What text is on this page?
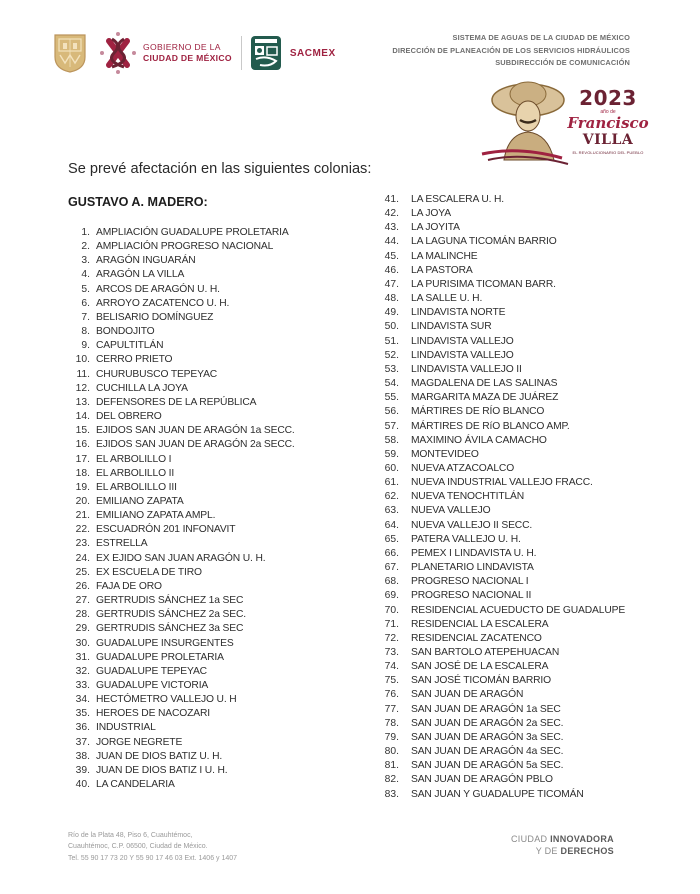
GOBIERNO DE LA
CIUDAD DE MÉXICO	SACMEX
SISTEMA DE AGUAS DE LA CIUDAD DE MÉXICO
DIRECCIÓN DE PLANEACIÓN DE LOS SERVICIOS HIDRÁULICOS
SUBDIRECCIÓN DE COMUNICACIÓN
2023
año de
Francisco
VILLA
EL REVOLUCIONARIO DEL PUEBLO
Se prevé afectación en las siguientes colonias:
GUSTAVO A. MADERO:
1. AMPLIACIÓN GUADALUPE PROLETARIA
2. AMPLIACIÓN PROGRESO NACIONAL
3. ARAGÓN INGUARÁN
4. ARAGÓN LA VILLA
5. ARCOS DE ARAGÓN U. H.
6. ARROYO ZACATENCO U. H.
7. BELISARIO DOMÍNGUEZ
8. BONDOJITO
9. CAPULTITLÁN
10. CERRO PRIETO
11. CHURUBUSCO TEPEYAC
12. CUCHILLA LA JOYA
13. DEFENSORES DE LA REPÚBLICA
14. DEL OBRERO
15. EJIDOS SAN JUAN DE ARAGÓN 1a SECC.
16. EJIDOS SAN JUAN DE ARAGÓN 2a SECC.
17. EL ARBOLILLO I
18. EL ARBOLILLO II
19. EL ARBOLILLO III
20. EMILIANO ZAPATA
21. EMILIANO ZAPATA AMPL.
22. ESCUADRÓN 201 INFONAVIT
23. ESTRELLA
24. EX EJIDO SAN JUAN ARAGÓN U. H.
25. EX ESCUELA DE TIRO
26. FAJA DE ORO
27. GERTRUDIS SÁNCHEZ 1a SEC
28. GERTRUDIS SÁNCHEZ 2a SEC.
29. GERTRUDIS SÁNCHEZ 3a SEC
30. GUADALUPE INSURGENTES
31. GUADALUPE PROLETARIA
32. GUADALUPE TEPEYAC
33. GUADALUPE VICTORIA
34. HECTÓMETRO VALLEJO U. H
35. HEROES DE NACOZARI
36. INDUSTRIAL
37. JORGE NEGRETE
38. JUAN DE DIOS BATIZ U. H.
39. JUAN DE DIOS BATIZ I U. H.
40. LA CANDELARIA
41.	LA ESCALERA U. H.
42.	LA JOYA
43.	LA JOYITA
44.	LA LAGUNA TICOMÁN BARRIO
45.	LA MALINCHE
46.	LA PASTORA
47.	LA PURISIMA TICOMAN BARR.
48.	LA SALLE U. H.
49.	LINDAVISTA NORTE
50.	LINDAVISTA SUR
51.	LINDAVISTA VALLEJO
52.	LINDAVISTA VALLEJO
53.	LINDAVISTA VALLEJO II
54.	MAGDALENA DE LAS SALINAS
55.	MARGARITA MAZA DE JUÁREZ
56.	MÁRTIRES DE RÍO BLANCO
57.	MÁRTIRES DE RíO BLANCO AMP.
58.	MAXIMINO ÁVILA CAMACHO
59.	MONTEVIDEO
60.	NUEVA ATZACOALCO
61.	NUEVA INDUSTRIAL VALLEJO FRACC.
62.	NUEVA TENOCHTITLÁN
63.	NUEVA VALLEJO
64.	NUEVA VALLEJO II SECC.
65.	PATERA VALLEJO U. H.
66.	PEMEX I LINDAVISTA U. H.
67.	PLANETARIO LINDAVISTA
68.	PROGRESO NACIONAL I
69.	PROGRESO NACIONAL II
70.	RESIDENCIAL ACUEDUCTO DE GUADALUPE
71.	RESIDENCIAL LA ESCALERA
72.	RESIDENCIAL ZACATENCO
73.	SAN BARTOLO ATEPEHUACAN
74.	SAN JOSÉ DE LA ESCALERA
75.	SAN JOSÉ TICOMÁN BARRIO
76.	SAN JUAN DE ARAGÓN
77.	SAN JUAN DE ARAGÓN 1a SEC
78.	SAN JUAN DE ARAGÓN 2a SEC.
79.	SAN JUAN DE ARAGÓN 3a SEC.
80.	SAN JUAN DE ARAGÓN 4a SEC.
81.	SAN JUAN DE ARAGÓN 5a SEC.
82.	SAN JUAN DE ARAGÓN PBLO
83.	SAN JUAN Y GUADALUPE TICOMÁN
Río de la Plata 48, Piso 6, Cuauhtémoc,
Cuauhtémoc, C.P. 06500, Ciudad de México.
Tel. 55 90 17 73 20 Y 55 90 17 46 03 Ext. 1406 y 1407
CIUDAD INNOVADORA
Y DE DERECHOS
